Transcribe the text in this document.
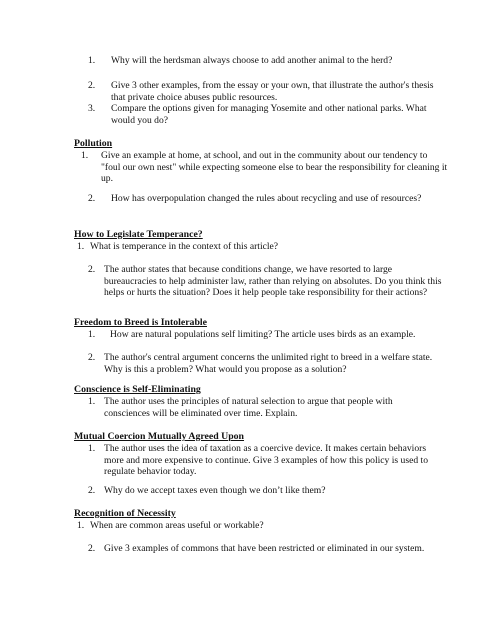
1.	Why will the herdsman always choose to add another animal to the herd?
2.	Give 3 other examples, from the essay or your own, that illustrate the author's thesis that private choice abuses public resources.
3.	Compare the options given for managing Yosemite and other national parks. What would you do?
Pollution
1.	Give an example at home, at school, and out in the community about our tendency to "foul our own nest" while expecting someone else to bear the responsibility for cleaning it up.
2.	How has overpopulation changed the rules about recycling and use of resources?
How to Legislate Temperance?
1. What is temperance in the context of this article?
2. The author states that because conditions change, we have resorted to large bureaucracies to help administer law, rather than relying on absolutes. Do you think this helps or hurts the situation? Does it help people take responsibility for their actions?
Freedom to Breed is Intolerable
1.	How are natural populations self limiting? The article uses birds as an example.
2. The author's central argument concerns the unlimited right to breed in a welfare state. Why is this a problem? What would you propose as a solution?
Conscience is Self-Eliminating
1. The author uses the principles of natural selection to argue that people with consciences will be eliminated over time. Explain.
Mutual Coercion Mutually Agreed Upon
1. The author uses the idea of taxation as a coercive device. It makes certain behaviors more and more expensive to continue. Give 3 examples of how this policy is used to regulate behavior today.
2. Why do we accept taxes even though we don’t like them?
Recognition of Necessity
1. When are common areas useful or workable?
2. Give 3 examples of commons that have been restricted or eliminated in our system.
